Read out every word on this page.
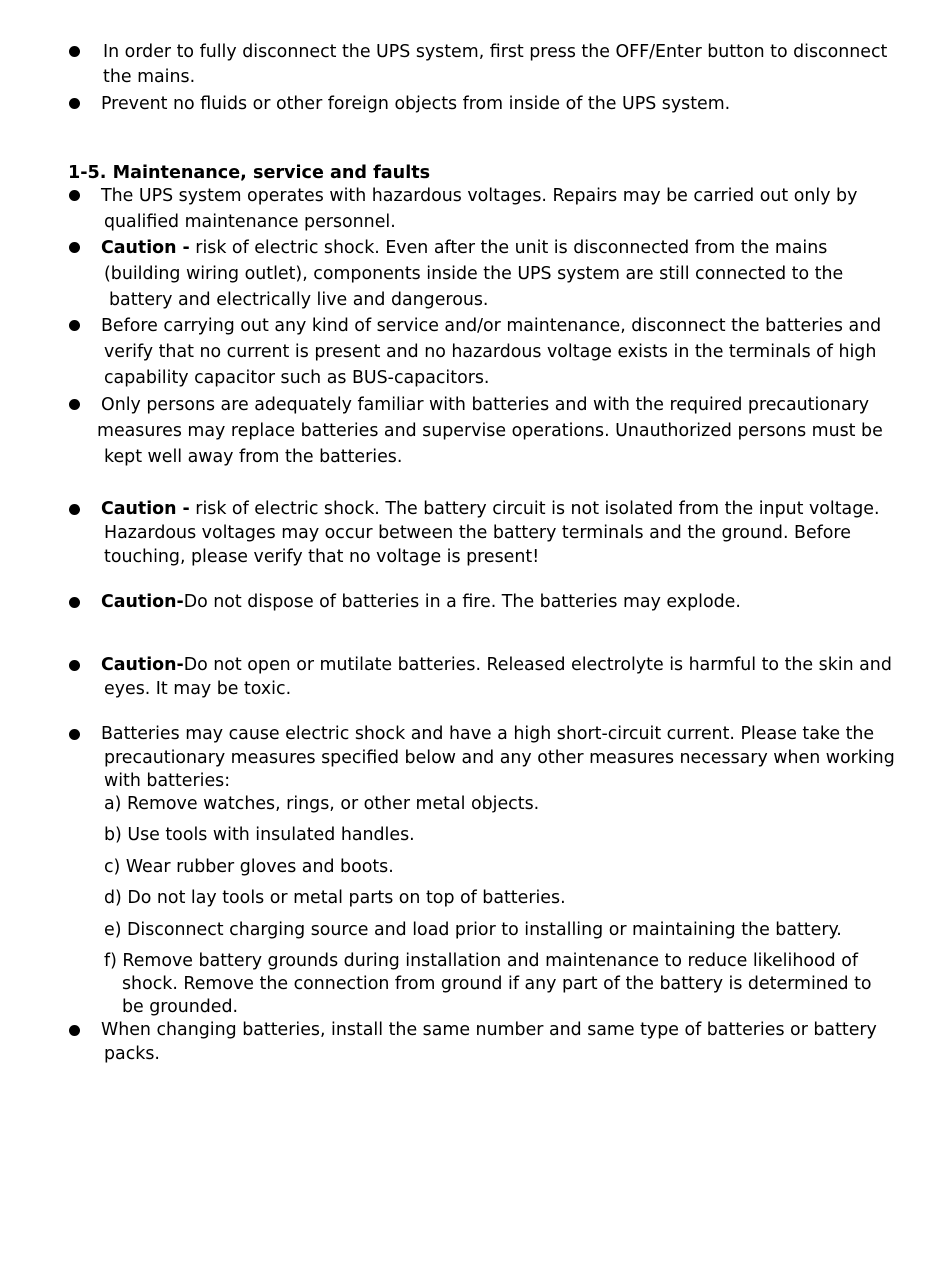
In order to fully disconnect the UPS system, first press the OFF/Enter button to disconnect
the mains.
Prevent no fluids or other foreign objects from inside of the UPS system.
1-5. Maintenance, service and faults
The UPS system operates with hazardous voltages. Repairs may be carried out only by
qualified maintenance personnel.
Caution - risk of electric shock. Even after the unit is disconnected from the mains
(building wiring outlet), components inside the UPS system are still connected to the
battery and electrically live and dangerous.
Before carrying out any kind of service and/or maintenance, disconnect the batteries and
verify that no current is present and no hazardous voltage exists in the terminals of high
capability capacitor such as BUS-capacitors.
Only persons are adequately familiar with batteries and with the required precautionary
measures may replace batteries and supervise operations. Unauthorized persons must be
kept well away from the batteries.
Caution - risk of electric shock. The battery circuit is not isolated from the input voltage.
Hazardous voltages may occur between the battery terminals and the ground. Before
touching, please verify that no voltage is present!
Caution-Do not dispose of batteries in a fire. The batteries may explode.
Caution-Do not open or mutilate batteries. Released electrolyte is harmful to the skin and
eyes. It may be toxic.
Batteries may cause electric shock and have a high short-circuit current. Please take the
precautionary measures specified below and any other measures necessary when working
with batteries:
a) Remove watches, rings, or other metal objects.
b) Use tools with insulated handles.
c) Wear rubber gloves and boots.
d) Do not lay tools or metal parts on top of batteries.
e) Disconnect charging source and load prior to installing or maintaining the battery.
f) Remove battery grounds during installation and maintenance to reduce likelihood of
shock. Remove the connection from ground if any part of the battery is determined to
be grounded.
When changing batteries, install the same number and same type of batteries or battery
packs.
